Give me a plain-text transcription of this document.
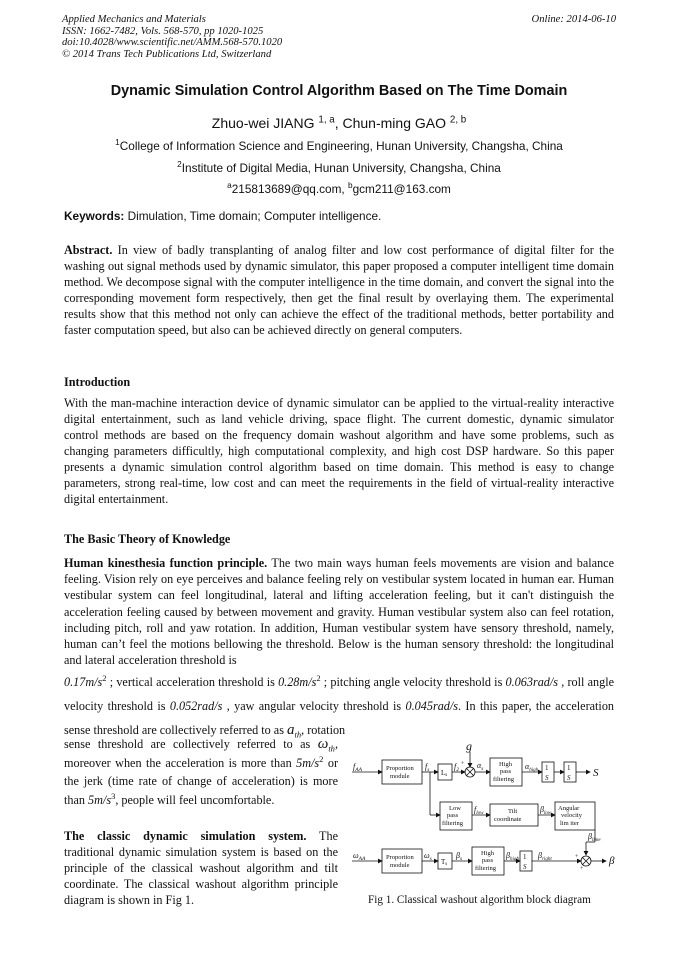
Applied Mechanics and Materials
ISSN: 1662-7482, Vols. 568-570, pp 1020-1025
doi:10.4028/www.scientific.net/AMM.568-570.1020
© 2014 Trans Tech Publications Ltd, Switzerland
Online: 2014-06-10
Dynamic Simulation Control Algorithm Based on The Time Domain
Zhuo-wei JIANG $^{1, a}$, Chun-ming GAO $^{2, b}$
$^1$College of Information Science and Engineering, Hunan University, Changsha, China
$^2$Institute of Digital Media, Hunan University, Changsha, China
$^a$215813689@qq.com, $^b$gcm211@163.com
Keywords: Dimulation, Time domain; Computer intelligence.
Abstract. In view of badly transplanting of analog filter and low cost performance of digital filter for the washing out signal methods used by dynamic simulator, this paper proposed a computer intelligent time domain method. We decompose signal with the computer intelligence in the time domain, and convert the signal into the corresponding movement form respectively, then get the final result by overlaying them. The experimental results show that this method not only can achieve the effect of the traditional methods, better portability and faster computation speed, but also can be achieved directly on general computers.
Introduction
With the man-machine interaction device of dynamic simulator can be applied to the virtual-reality interactive digital entertainment, such as land vehicle driving, space flight. The current domestic, dynamic simulator control methods are based on the frequency domain washout algorithm and have some problems, such as changing parameters difficultly, high computational complexity, and high cost DSP hardware. So this paper presents a dynamic simulation control algorithm based on time domain. This method is easy to change parameters, strong real-time, low cost and can meet the requirements in the field of virtual-reality interactive digital entertainment.
The Basic Theory of Knowledge
Human kinesthesia function principle. The two main ways human feels movements are vision and balance feeling. Vision rely on eye perceives and balance feeling rely on vestibular system located in human ear. Human vestibular system can feel longitudinal, lateral and lifting acceleration feeling, but it can't distinguish the acceleration feeling caused by between movement and gravity. Human vestibular system also can feel rotation, including pitch, roll and yaw rotation. In addition, Human vestibular system have sensory threshold, namely, human can’t feel the motions bellowing the threshold. Below is the human sensory threshold: the longitudinal and lateral acceleration threshold is
$0.17m/s^2$ ; vertical acceleration threshold is $0.28m/s^2$ ; pitching angle velocity threshold is 0.063rad/s , roll angle velocity threshold is 0.052rad/s , yaw angular velocity threshold is 0.045rad/s. In this paper, the acceleration sense threshold are collectively referred to as $a_{th}$, rotation
sense threshold are collectively referred to as $\omega_{th}$, moreover when the acceleration is more than $5m/s^2$ or the jerk (time rate of change of acceleration) is more than $5m/s^3$, people will feel uncomfortable.
The classic dynamic simulation system. The traditional dynamic simulation system is based on the principle of the classical washout algorithm and tilt coordinate. The classical washout algorithm principle diagram is shown in Fig 1.
g
$f_{AA}$	Proportion
module
$f_s$ Ls
$f_2$
+ $\alpha_s$
High
pass
filtering
$\alpha_{high}$ 1
S
1
S S
Low
pass
filtering
$f_{low}$	Tilt
coordinate
$\beta_{low}$
Angular
velocity
lim iter
$\beta_{lime}$
$\omega_{AA}$	Proportion
module
$\omega_s$ Ts
$\beta_s$
High
pass
filtering
$\beta_{high}$ 1
S
$\beta_{right}$	+
+
β
Fig 1. Classical washout algorithm block diagram
